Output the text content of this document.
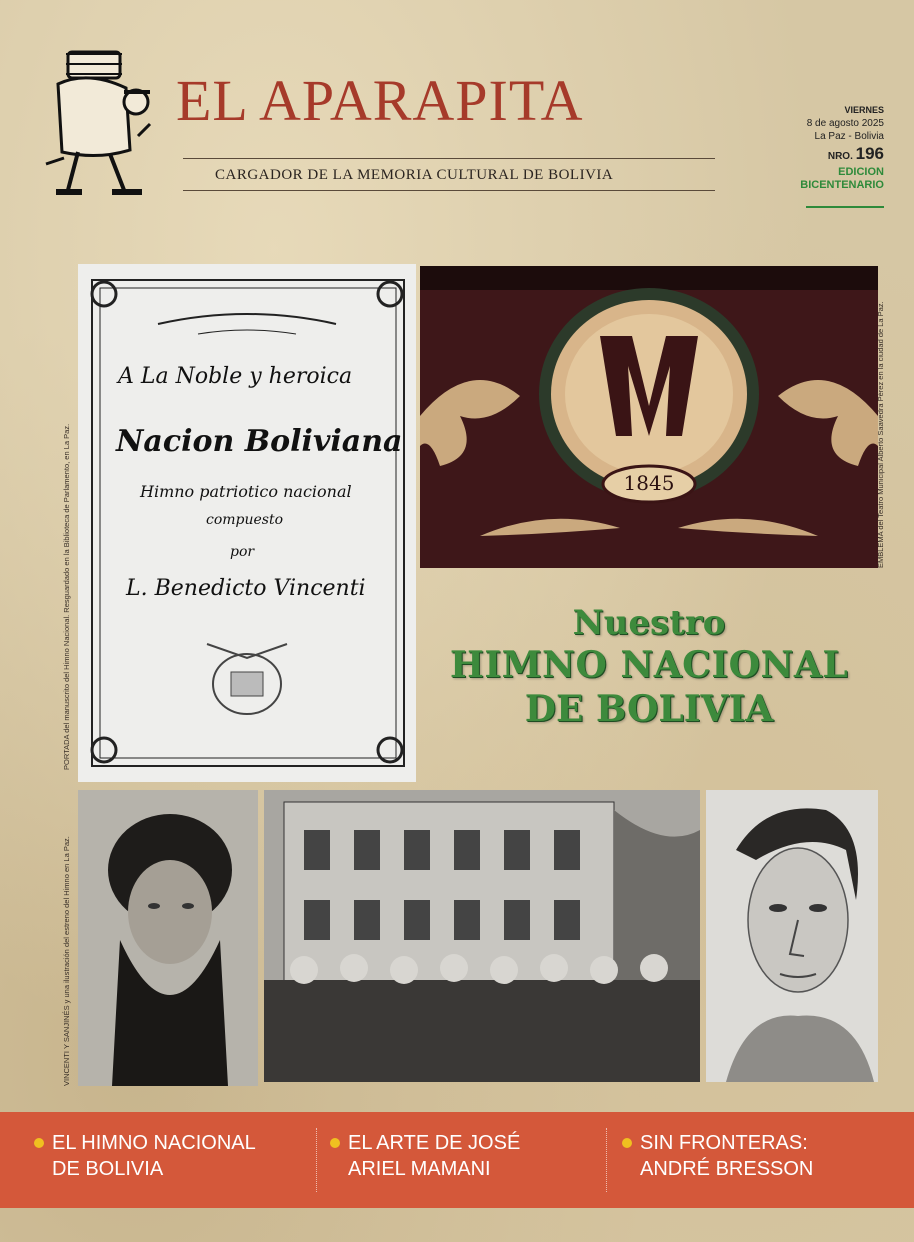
EL APARAPITA
CARGADOR DE LA MEMORIA CULTURAL DE BOLIVIA
VIERNES
8 de agosto 2025
La Paz - Bolivia
NRO. 196
EDICION
BICENTENARIO
A La Noble y heroica
Nacion Boliviana
Himno patriotico nacional
compuesto
por
L. Benedicto Vincenti
PORTADA del manuscrito del Himno Nacional. Resguardado en la Biblioteca de Parlamento, en La Paz.	1845	EMBLEMA del Teatro Municipal Alberto Saavedra Pérez en la ciudad de La Paz.
Nuestro
HIMNO NACIONAL
DE BOLIVIA
VINCENTI Y SANJINÉS y una ilustración del estreno del Himno en La Paz.
EL HIMNO NACIONAL
DE BOLIVIA
EL ARTE DE JOSÉ
ARIEL MAMANI
SIN FRONTERAS:
ANDRÉ BRESSON
